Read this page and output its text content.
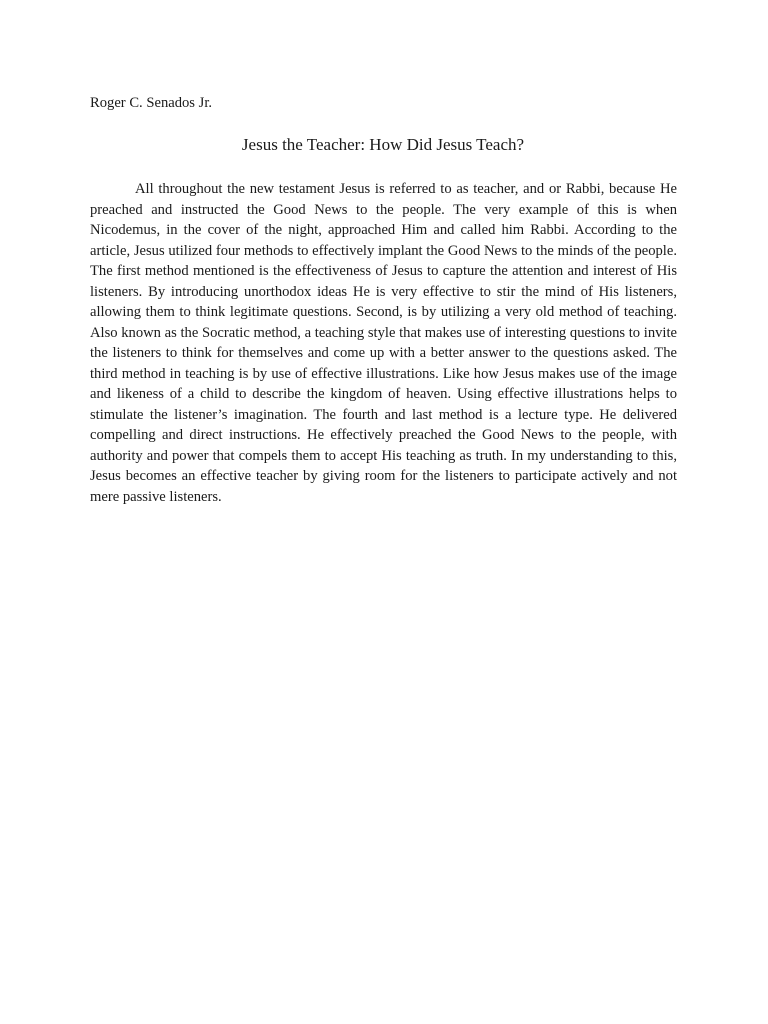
Roger C. Senados Jr.
Jesus the Teacher: How Did Jesus Teach?

All throughout the new testament Jesus is referred to as teacher, and or Rabbi, because He preached and instructed the Good News to the people. The very example of this is when Nicodemus, in the cover of the night, approached Him and called him Rabbi. According to the article, Jesus utilized four methods to effectively implant the Good News to the minds of the people. The first method mentioned is the effectiveness of Jesus to capture the attention and interest of His listeners. By introducing unorthodox ideas He is very effective to stir the mind of His listeners, allowing them to think legitimate questions. Second, is by utilizing a very old method of teaching. Also known as the Socratic method, a teaching style that makes use of interesting questions to invite the listeners to think for themselves and come up with a better answer to the questions asked. The third method in teaching is by use of effective illustrations. Like how Jesus makes use of the image and likeness of a child to describe the kingdom of heaven. Using effective illustrations helps to stimulate the listener’s imagination. The fourth and last method is a lecture type. He delivered compelling and direct instructions. He effectively preached the Good News to the people, with authority and power that compels them to accept His teaching as truth. In my understanding to this, Jesus becomes an effective teacher by giving room for the listeners to participate actively and not mere passive listeners.
